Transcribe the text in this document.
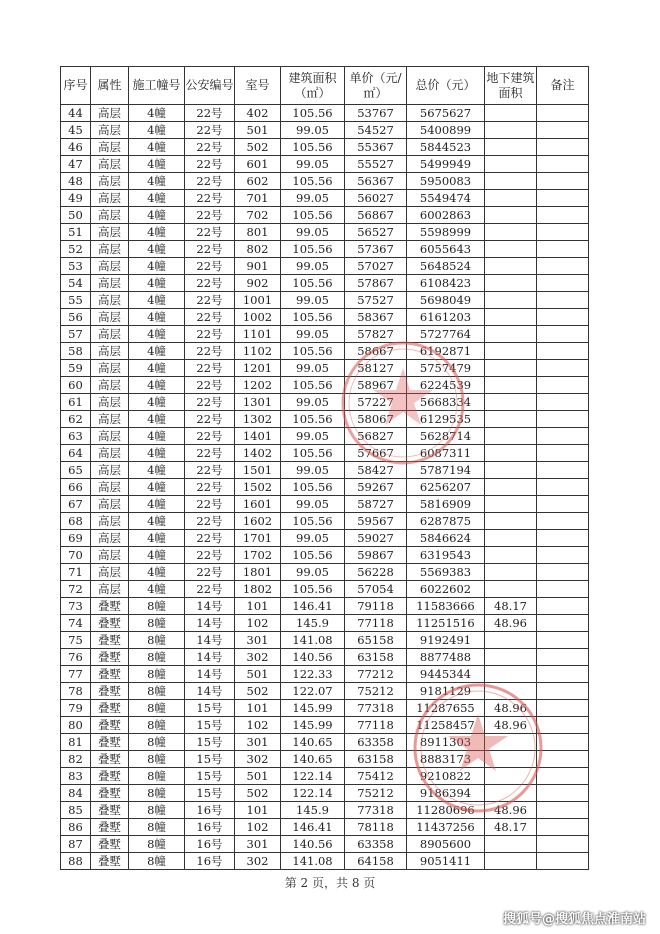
序号	属性	施工幢号	公安编号	室号	建筑面积（㎡）	单价（元/㎡）	总价（元）	地下建筑面积	备注
44	高层	4幢	22号	402	105.56	53767	5675627		
45	高层	4幢	22号	501	99.05	54527	5400899		
46	高层	4幢	22号	502	105.56	55367	5844523		
47	高层	4幢	22号	601	99.05	55527	5499949		
48	高层	4幢	22号	602	105.56	56367	5950083		
49	高层	4幢	22号	701	99.05	56027	5549474		
50	高层	4幢	22号	702	105.56	56867	6002863		
51	高层	4幢	22号	801	99.05	56527	5598999		
52	高层	4幢	22号	802	105.56	57367	6055643		
53	高层	4幢	22号	901	99.05	57027	5648524		
54	高层	4幢	22号	902	105.56	57867	6108423		
55	高层	4幢	22号	1001	99.05	57527	5698049		
56	高层	4幢	22号	1002	105.56	58367	6161203		
57	高层	4幢	22号	1101	99.05	57827	5727764		
58	高层	4幢	22号	1102	105.56	58667	6192871		
59	高层	4幢	22号	1201	99.05	58127	5757479		
60	高层	4幢	22号	1202	105.56	58967	6224539		
61	高层	4幢	22号	1301	99.05	57227	5668334		
62	高层	4幢	22号	1302	105.56	58067	6129535		
63	高层	4幢	22号	1401	99.05	56827	5628714		
64	高层	4幢	22号	1402	105.56	57667	6087311		
65	高层	4幢	22号	1501	99.05	58427	5787194		
66	高层	4幢	22号	1502	105.56	59267	6256207		
67	高层	4幢	22号	1601	99.05	58727	5816909		
68	高层	4幢	22号	1602	105.56	59567	6287875		
69	高层	4幢	22号	1701	99.05	59027	5846624		
70	高层	4幢	22号	1702	105.56	59867	6319543		
71	高层	4幢	22号	1801	99.05	56228	5569383		
72	高层	4幢	22号	1802	105.56	57054	6022602		
73	叠墅	8幢	14号	101	146.41	79118	11583666	48.17	
74	叠墅	8幢	14号	102	145.9	77118	11251516	48.96	
75	叠墅	8幢	14号	301	141.08	65158	9192491		
76	叠墅	8幢	14号	302	140.56	63158	8877488		
77	叠墅	8幢	14号	501	122.33	77212	9445344		
78	叠墅	8幢	14号	502	122.07	75212	9181129		
79	叠墅	8幢	15号	101	145.99	77318	11287655	48.96	
80	叠墅	8幢	15号	102	145.99	77118	11258457	48.96	
81	叠墅	8幢	15号	301	140.65	63358	8911303		
82	叠墅	8幢	15号	302	140.65	63158	8883173		
83	叠墅	8幢	15号	501	122.14	75412	9210822		
84	叠墅	8幢	15号	502	122.14	75212	9186394		
85	叠墅	8幢	16号	101	145.9	77318	11280696	48.96	
86	叠墅	8幢	16号	102	146.41	78118	11437256	48.17	
87	叠墅	8幢	16号	301	140.56	63358	8905600		
88	叠墅	8幢	16号	302	141.08	64158	9051411		
第 2 页，共 8 页
搜狐号@搜狐焦点淮南站
